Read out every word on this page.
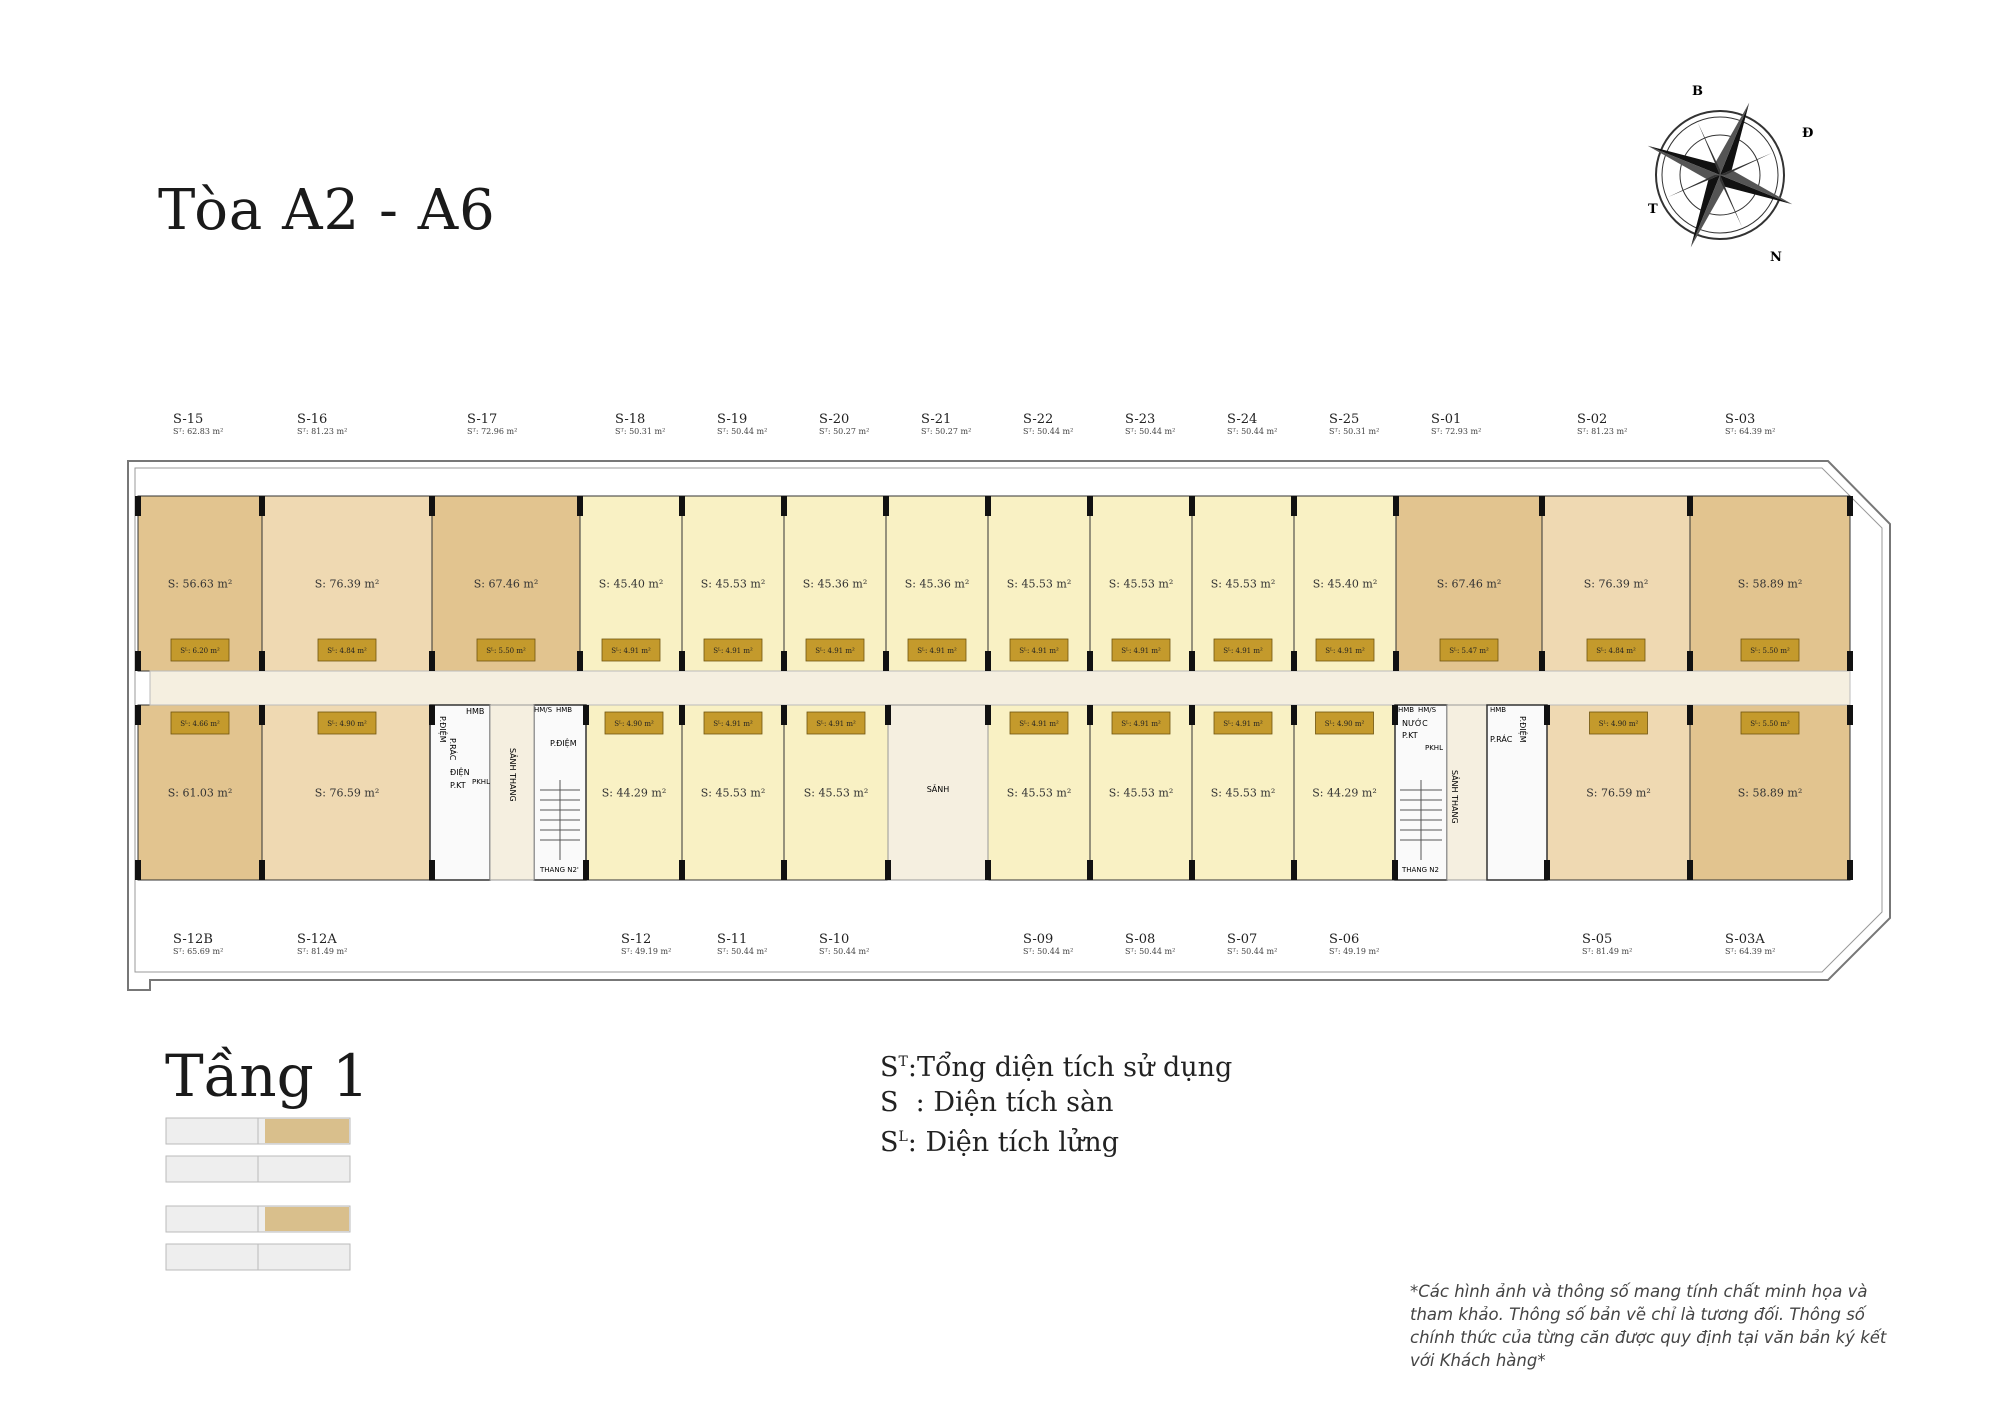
Tòa A2 - A6
Tầng 1
B
Đ
N
T
S: 56.63 m²	S: 76.39 m²	S: 67.46 m²	S: 45.40 m²	S: 45.53 m²	S: 45.36 m²	S: 45.36 m²	S: 45.53 m²	S: 45.53 m²	S: 45.53 m²	S: 45.40 m²	S: 67.46 m²	S: 76.39 m²	S: 58.89 m²
S: 61.03 m²	S: 76.59 m²	S: 44.29 m²	S: 45.53 m²	S: 45.53 m²	S: 45.53 m²	S: 45.53 m²	S: 45.53 m²	S: 44.29 m²	S: 76.59 m²	S: 58.89 m²
P.ĐIỆM
P.RÁC
ĐIỆN
P.KT
HMB
PKHL SẢNH THANG
HM/S HMB
P.ĐIỆM
THANG N2'
HMB HM/S
NƯỚC
P.KT
PKHL
SẢNH THANG
THANG N2
HMB
P.ĐIỆM
P.RÁC
SẢNH
Sᴸ: 6.20 m²	Sᴸ: 4.84 m²	Sᴸ: 5.50 m²	Sᴸ: 4.91 m²	Sᴸ: 4.91 m²	Sᴸ: 4.91 m²	Sᴸ: 4.91 m²	Sᴸ: 4.91 m²	Sᴸ: 4.91 m²	Sᴸ: 4.91 m²	Sᴸ: 4.91 m²	Sᴸ: 5.47 m²	Sᴸ: 4.84 m²	Sᴸ: 5.50 m²
Sᴸ: 4.66 m²	Sᴸ: 4.90 m²	Sᴸ: 4.90 m²	Sᴸ: 4.91 m²	Sᴸ: 4.91 m²	Sᴸ: 4.91 m²	Sᴸ: 4.91 m²	Sᴸ: 4.91 m²	Sᴸ: 4.90 m²	Sᴸ: 4.90 m²	Sᴸ: 5.50 m²
S-15
Sᵀ: 62.83 m²
S-16
Sᵀ: 81.23 m²
S-17
Sᵀ: 72.96 m²
S-18
Sᵀ: 50.31 m²
S-19
Sᵀ: 50.44 m²
S-20
Sᵀ: 50.27 m²
S-21
Sᵀ: 50.27 m²
S-22
Sᵀ: 50.44 m²
S-23
Sᵀ: 50.44 m²
S-24
Sᵀ: 50.44 m²
S-25
Sᵀ: 50.31 m²
S-01
Sᵀ: 72.93 m²
S-02
Sᵀ: 81.23 m²
S-03
Sᵀ: 64.39 m²
S-12B
Sᵀ: 65.69 m²
S-12A
Sᵀ: 81.49 m²
S-12
Sᵀ: 49.19 m²
S-11
Sᵀ: 50.44 m²
S-10
Sᵀ: 50.44 m²
S-09
Sᵀ: 50.44 m²
S-08
Sᵀ: 50.44 m²
S-07
Sᵀ: 50.44 m²
S-06
Sᵀ: 49.19 m²
S-05
Sᵀ: 81.49 m²
S-03A
Sᵀ: 64.39 m²
$S^T:Tổng$ diện tích sử dụng
S  : Diện tích sàn
$S^L$: Diện tích lửng
*Các hình ảnh và thông số mang tính chất minh họa và tham khảo. Thông số bản vẽ chỉ là tương đối. Thông số chính thức của từng căn được quy định tại văn bản ký kết với Khách hàng*
